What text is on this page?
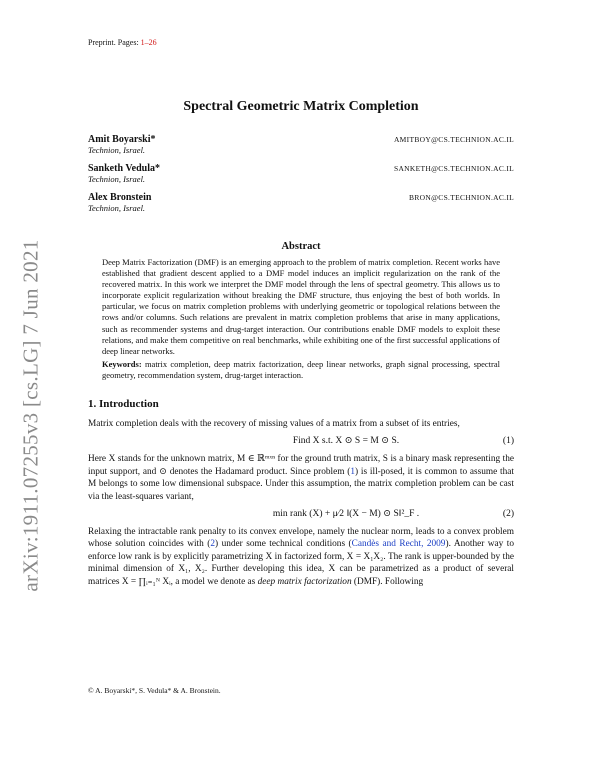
arXiv:1911.07255v3 [cs.LG] 7 Jun 2021
Preprint. Pages: 1–26
Spectral Geometric Matrix Completion
Amit Boyarski*	AMITBOY@CS.TECHNION.AC.IL
Technion, Israel.
Sanketh Vedula*	SANKETH@CS.TECHNION.AC.IL
Technion, Israel.
Alex Bronstein	BRON@CS.TECHNION.AC.IL
Technion, Israel.
Abstract

Deep Matrix Factorization (DMF) is an emerging approach to the problem of matrix completion. Recent works have established that gradient descent applied to a DMF model induces an implicit regularization on the rank of the recovered matrix. In this work we interpret the DMF model through the lens of spectral geometry. This allows us to incorporate explicit regularization without breaking the DMF structure, thus enjoying the best of both worlds. In particular, we focus on matrix completion problems with underlying geometric or topological relations between the rows and/or columns. Such relations are prevalent in matrix completion problems that arise in many applications, such as recommender systems and drug-target interaction. Our contributions enable DMF models to exploit these relations, and make them competitive on real benchmarks, while exhibiting one of the first successful applications of deep linear networks.

Keywords: matrix completion, deep matrix factorization, deep linear networks, graph signal processing, spectral geometry, recommendation system, drug-target interaction.
1. Introduction

Matrix completion deals with the recovery of missing values of a matrix from a subset of its entries,

Find X s.t. X ⊙ S = M ⊙ S.	(1)

Here X stands for the unknown matrix, M ∈ ℝᵐˣⁿ for the ground truth matrix, S is a binary mask representing the input support, and ⊙ denotes the Hadamard product. Since problem (1) is ill-posed, it is common to assume that M belongs to some low dimensional subspace. Under this assumption, the matrix completion problem can be cast via the least-squares variant,

min rank (X) + μ⁄2 ‖(X − M) ⊙ S‖²_F .	(2)

Relaxing the intractable rank penalty to its convex envelope, namely the nuclear norm, leads to a convex problem whose solution coincides with (2) under some technical conditions (Candès and Recht, 2009). Another way to enforce low rank is by explicitly parametrizing X in factorized form, X = X₁X₂. The rank is upper-bounded by the minimal dimension of X₁, X₂. Further developing this idea, X can be parametrized as a product of several matrices X = ∏ᵢ₌₁ᴺ Xᵢ, a model we denote as deep matrix factorization (DMF). Following

© A. Boyarski*, S. Vedula* & A. Bronstein.
